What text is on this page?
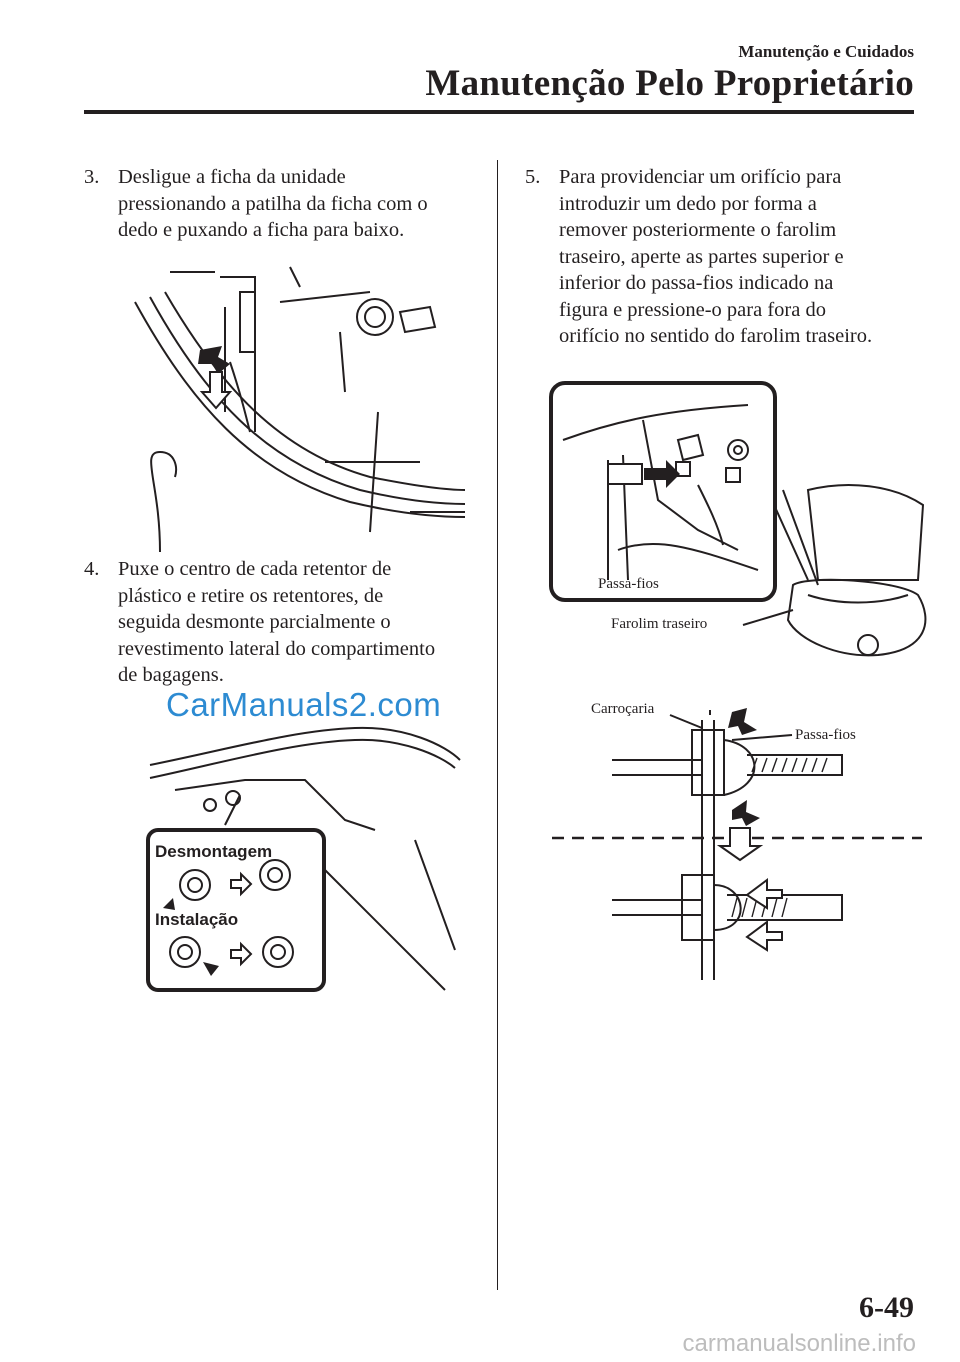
Manutenção e Cuidados
Manutenção Pelo Proprietário
3. Desligue a ficha da unidade
pressionando a patilha da ficha com o
dedo e puxando a ficha para baixo.
4. Puxe o centro de cada retentor de
plástico e retire os retentores, de
seguida desmonte parcialmente o
revestimento lateral do compartimento
de bagagens.
CarManuals2.com
Desmontagem
Instalação
5. Para providenciar um orifício para
introduzir um dedo por forma a
remover posteriormente o farolim
traseiro, aperte as partes superior e
inferior do passa-fios indicado na
figura e pressione-o para fora do
orifício no sentido do farolim traseiro.
Passa-fios
Farolim traseiro
Carroçaria
Passa-fios
6-49
carmanualsonline.info
